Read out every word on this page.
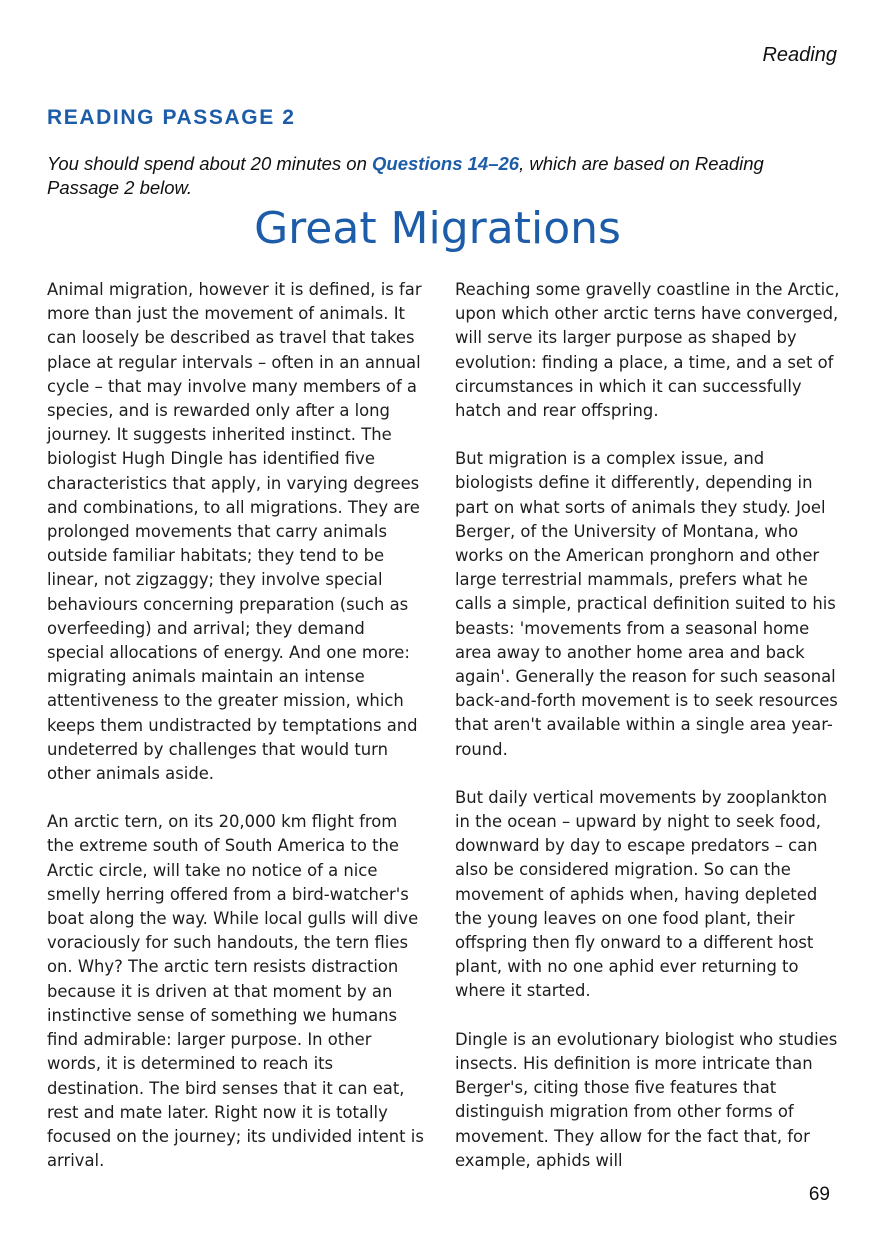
Reading
READING PASSAGE 2
You should spend about 20 minutes on Questions 14–26, which are based on Reading Passage 2 below.
Great Migrations

Animal migration, however it is defined, is far more than just the movement of animals. It can loosely be described as travel that takes place at regular intervals – often in an annual cycle – that may involve many members of a species, and is rewarded only after a long journey. It suggests inherited instinct. The biologist Hugh Dingle has identified five characteristics that apply, in varying degrees and combinations, to all migrations. They are prolonged movements that carry animals outside familiar habitats; they tend to be linear, not zigzaggy; they involve special behaviours concerning preparation (such as overfeeding) and arrival; they demand special allocations of energy. And one more: migrating animals maintain an intense attentiveness to the greater mission, which keeps them undistracted by temptations and undeterred by challenges that would turn other animals aside.

An arctic tern, on its 20,000 km flight from the extreme south of South America to the Arctic circle, will take no notice of a nice smelly herring offered from a bird-watcher's boat along the way. While local gulls will dive voraciously for such handouts, the tern flies on. Why? The arctic tern resists distraction because it is driven at that moment by an instinctive sense of something we humans find admirable: larger purpose. In other words, it is determined to reach its destination. The bird senses that it can eat, rest and mate later. Right now it is totally focused on the journey; its undivided intent is arrival.

Reaching some gravelly coastline in the Arctic, upon which other arctic terns have converged, will serve its larger purpose as shaped by evolution: finding a place, a time, and a set of circumstances in which it can successfully hatch and rear offspring.

But migration is a complex issue, and biologists define it differently, depending in part on what sorts of animals they study. Joel Berger, of the University of Montana, who works on the American pronghorn and other large terrestrial mammals, prefers what he calls a simple, practical definition suited to his beasts: 'movements from a seasonal home area away to another home area and back again'. Generally the reason for such seasonal back-and-forth movement is to seek resources that aren't available within a single area year-round.

But daily vertical movements by zooplankton in the ocean – upward by night to seek food, downward by day to escape predators – can also be considered migration. So can the movement of aphids when, having depleted the young leaves on one food plant, their offspring then fly onward to a different host plant, with no one aphid ever returning to where it started.

Dingle is an evolutionary biologist who studies insects. His definition is more intricate than Berger's, citing those five features that distinguish migration from other forms of movement. They allow for the fact that, for example, aphids will

69
